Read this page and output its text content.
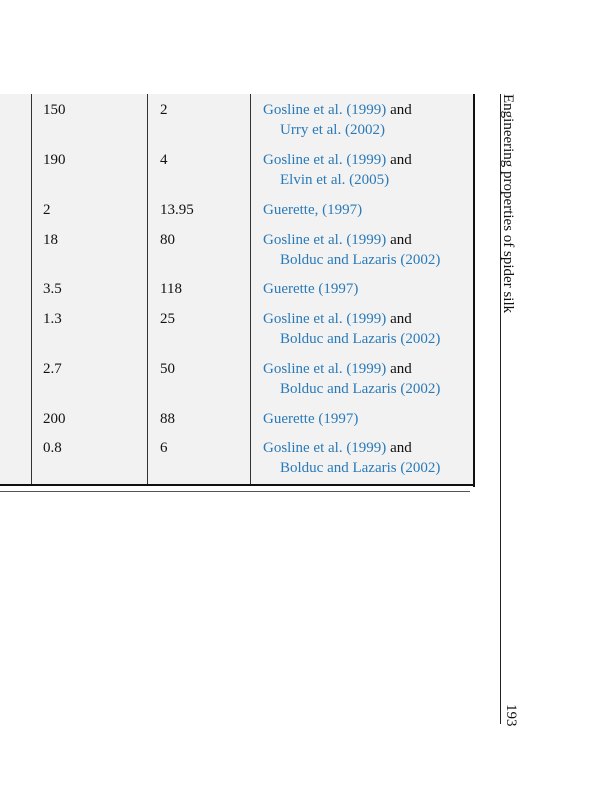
150	2	Gosline et al. (1999) and
Urry et al. (2002)
190	4	Gosline et al. (1999) and
Elvin et al. (2005)
2	13.95	Guerette, (1997)
18	80	Gosline et al. (1999) and
Bolduc and Lazaris (2002)
3.5	118	Guerette (1997)
1.3	25	Gosline et al. (1999) and
Bolduc and Lazaris (2002)
2.7	50	Gosline et al. (1999) and
Bolduc and Lazaris (2002)
200	88	Guerette (1997)
0.8	6	Gosline et al. (1999) and
Bolduc and Lazaris (2002)
Engineering properties of spider silk
193
